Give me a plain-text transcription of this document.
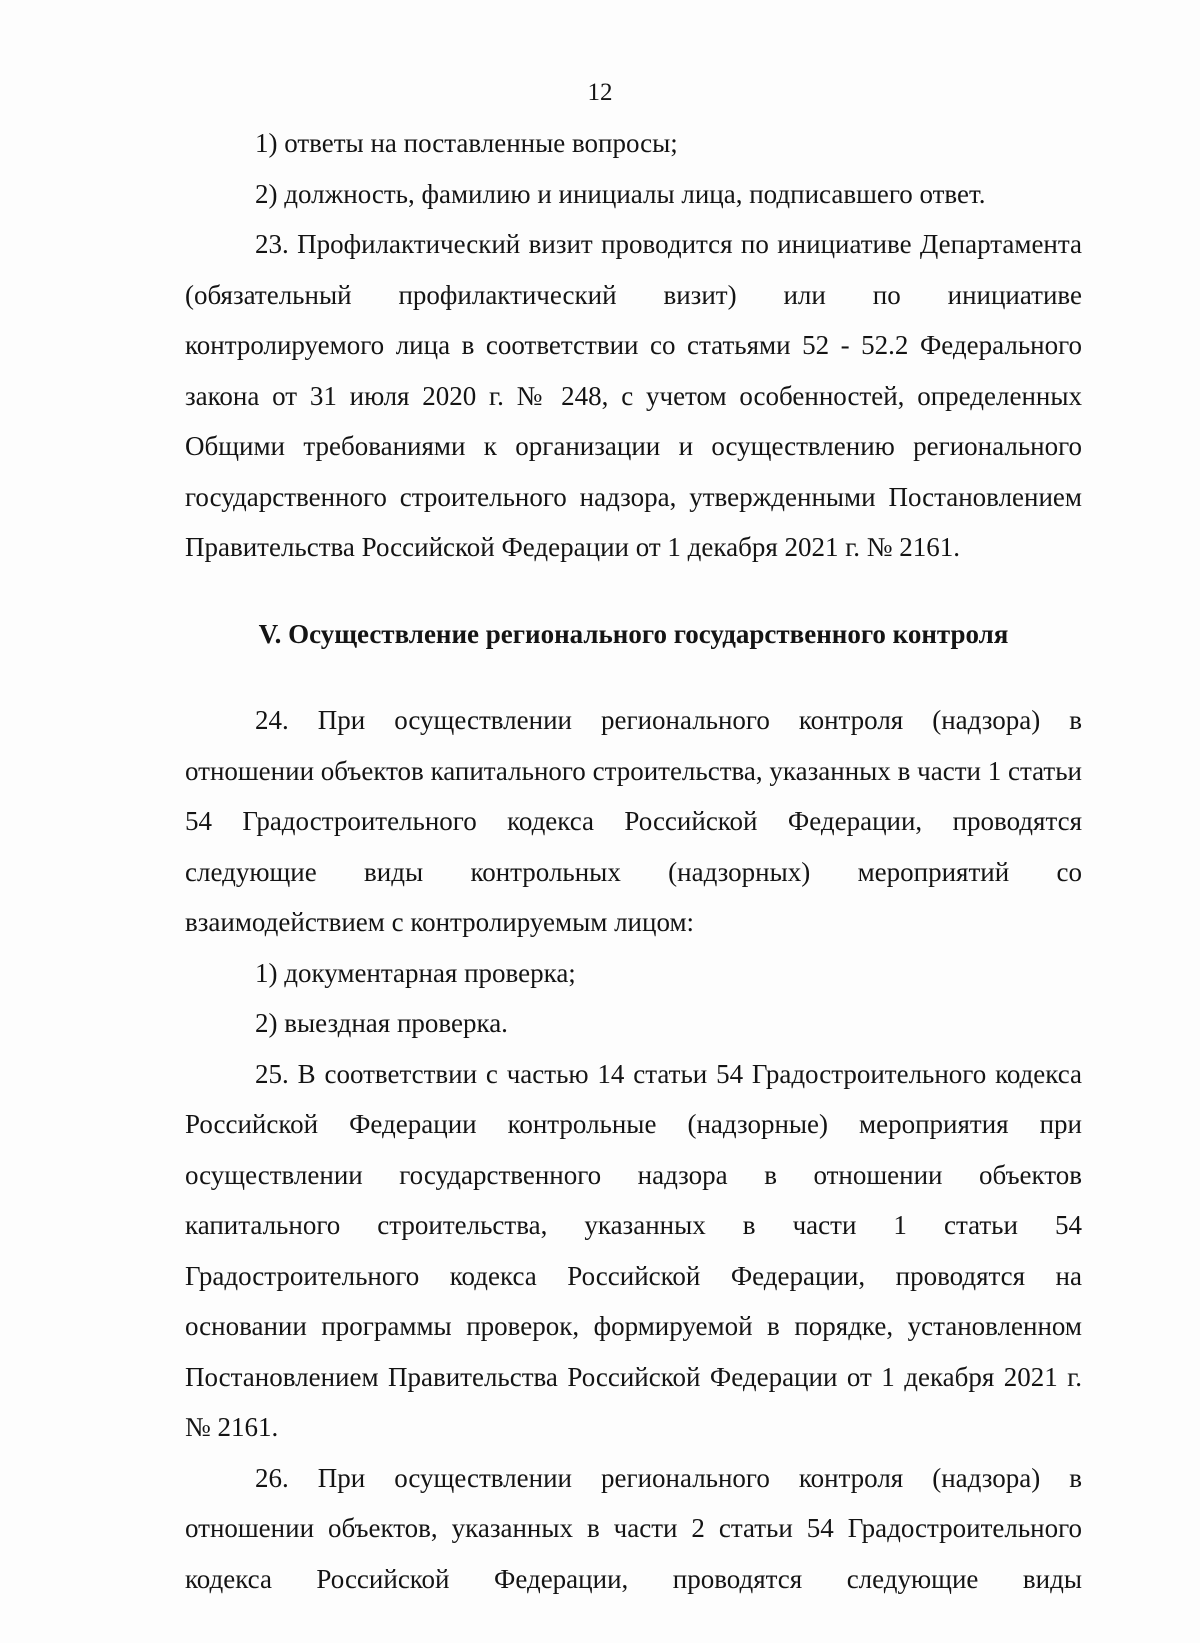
12

1) ответы на поставленные вопросы;

2) должность, фамилию и инициалы лица, подписавшего ответ.

23. Профилактический визит проводится по инициативе Департамента (обязательный профилактический визит) или по инициативе контролируемого лица в соответствии со статьями 52 - 52.2 Федерального закона от 31 июля 2020 г. № 248, с учетом особенностей, определенных Общими требованиями к организации и осуществлению регионального государственного строительного надзора, утвержденными Постановлением Правительства Российской Федерации от 1 декабря 2021 г. № 2161.

V. Осуществление регионального государственного контроля

24. При осуществлении регионального контроля (надзора) в отношении объектов капитального строительства, указанных в части 1 статьи 54 Градостроительного кодекса Российской Федерации, проводятся следующие виды контрольных (надзорных) мероприятий со взаимодействием с контролируемым лицом:

1) документарная проверка;

2) выездная проверка.

25. В соответствии с частью 14 статьи 54 Градостроительного кодекса Российской Федерации контрольные (надзорные) мероприятия при осуществлении государственного надзора в отношении объектов капитального строительства, указанных в части 1 статьи 54 Градостроительного кодекса Российской Федерации, проводятся на основании программы проверок, формируемой в порядке, установленном Постановлением Правительства Российской Федерации от 1 декабря 2021 г. № 2161.

26. При осуществлении регионального контроля (надзора) в отношении объектов, указанных в части 2 статьи 54 Градостроительного кодекса Российской Федерации, проводятся следующие виды
